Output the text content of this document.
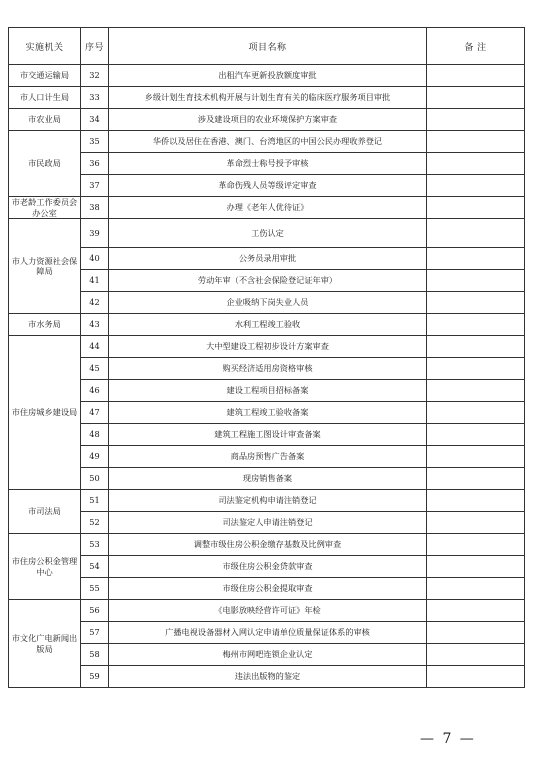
实施机关	序号	项目名称	备 注
市交通运输局	32	出租汽车更新投放额度审批	
市人口计生局	33	乡级计划生育技术机构开展与计划生育有关的临床医疗服务项目审批	
市农业局	34	涉及建设项目的农业环境保护方案审查	
市民政局	35	华侨以及居住在香港、澳门、台湾地区的中国公民办理收养登记	
	36	革命烈士称号授予审核	
	37	革命伤残人员等级评定审查	
市老龄工作委员会办公室	38	办理《老年人优待证》	
市人力资源社会保障局	39	工伤认定	
	40	公务员录用审批	
	41	劳动年审（不含社会保险登记证年审）	
	42	企业吸纳下岗失业人员	
市水务局	43	水利工程竣工验收	
市住房城乡建设局	44	大中型建设工程初步设计方案审查	
	45	购买经济适用房资格审核	
	46	建设工程项目招标备案	
	47	建筑工程竣工验收备案	
	48	建筑工程施工图设计审查备案	
	49	商品房预售广告备案	
	50	现房销售备案	
市司法局	51	司法鉴定机构申请注销登记	
	52	司法鉴定人申请注销登记	
市住房公积金管理中心	53	调整市级住房公积金缴存基数及比例审查	
	54	市级住房公积金贷款审查	
	55	市级住房公积金提取审查	
市文化广电新闻出版局	56	《电影放映经营许可证》年检	
	57	广播电视设备器材入网认定申请单位质量保证体系的审核	
	58	梅州市网吧连锁企业认定	
	59	违法出版物的鉴定	
— 7 —
